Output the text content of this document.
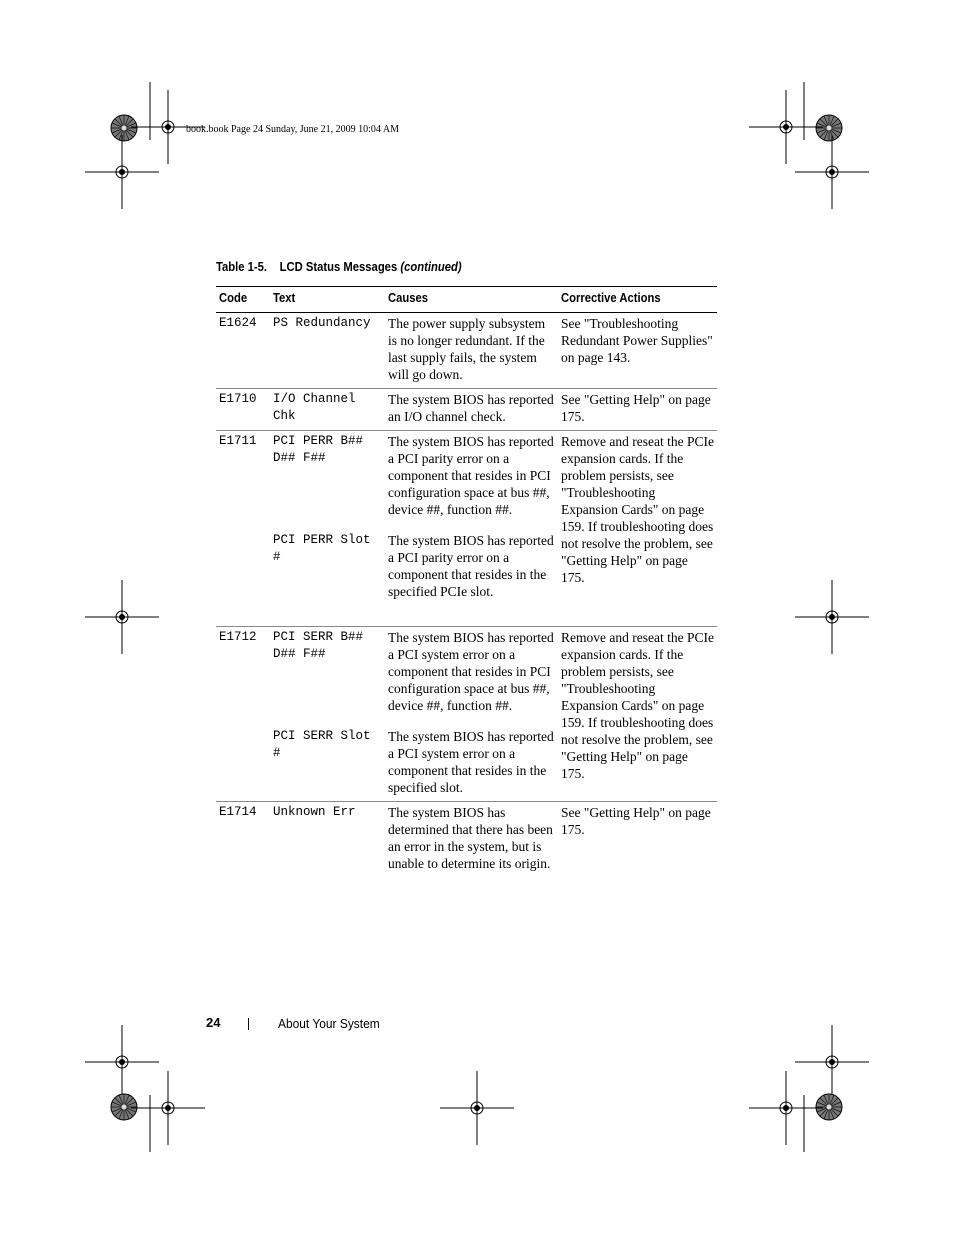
book.book Page 24 Sunday, June 21, 2009 10:04 AM
Table 1-5. LCD Status Messages (continued)
Code	Text	Causes	Corrective Actions
E1624	PS Redundancy	The power supply subsystem is no longer redundant. If the last supply fails, the system will go down.	See "Troubleshooting Redundant Power Supplies" on page 143.
E1710	I/O Channel Chk	The system BIOS has reported an I/O channel check.	See "Getting Help" on page 175.
E1711	PCI PERR B## D## F##	The system BIOS has reported a PCI parity error on a component that resides in PCI configuration space at bus ##, device ##, function ##.	Remove and reseat the PCIe expansion cards. If the problem persists, see "Troubleshooting Expansion Cards" on page 159. If troubleshooting does not resolve the problem, see "Getting Help" on page 175.
	PCI PERR Slot #	The system BIOS has reported a PCI parity error on a component that resides in the specified PCIe slot.	
E1712	PCI SERR B## D## F##	The system BIOS has reported a PCI system error on a component that resides in PCI configuration space at bus ##, device ##, function ##.	Remove and reseat the PCIe expansion cards. If the problem persists, see "Troubleshooting Expansion Cards" on page 159. If troubleshooting does not resolve the problem, see "Getting Help" on page 175.
	PCI SERR Slot #	The system BIOS has reported a PCI system error on a component that resides in the specified slot.	
E1714	Unknown Err	The system BIOS has determined that there has been an error in the system, but is unable to determine its origin.	See "Getting Help" on page 175.
24	About Your System
